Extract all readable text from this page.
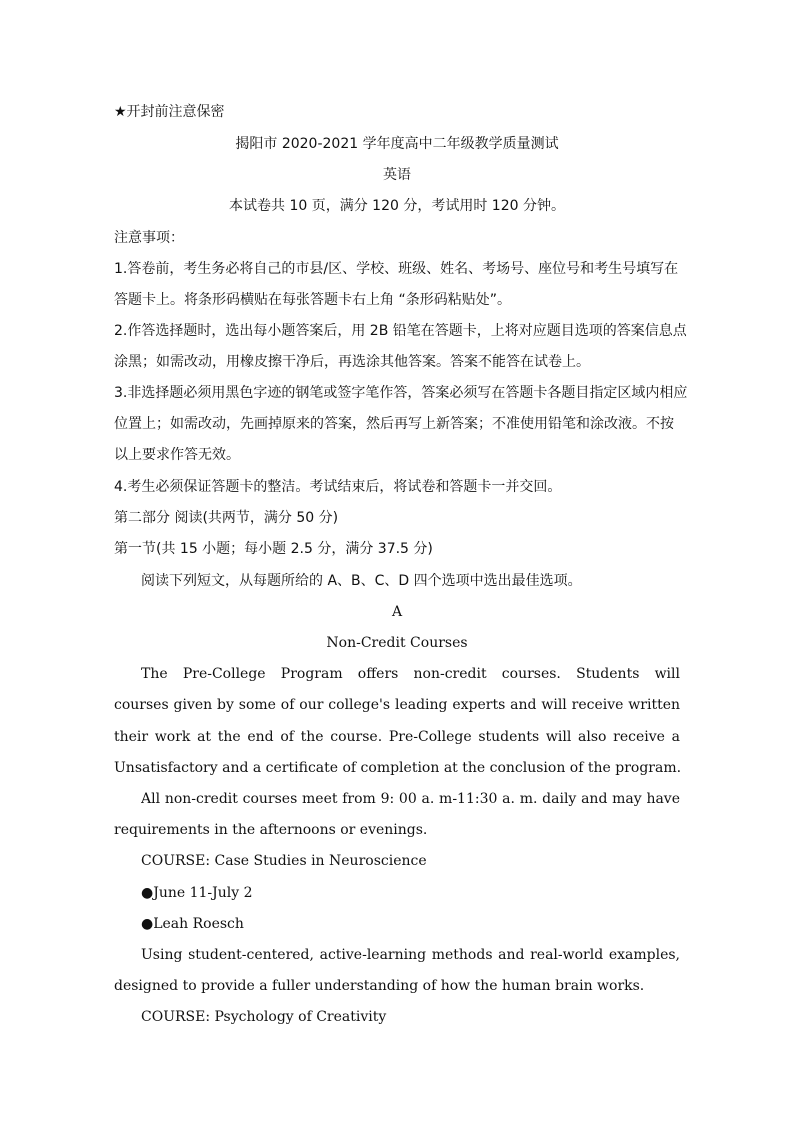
★开封前注意保密
揭阳市 2020-2021 学年度高中二年级教学质量测试
英语
本试卷共 10 页，满分 120 分，考试用时 120 分钟。
注意事项：
1.答卷前，考生务必将自己的市县/区、学校、班级、姓名、考场号、座位号和考生号填写在
答题卡上。将条形码横贴在每张答题卡右上角 “条形码粘贴处”。
2.作答选择题时，选出每小题答案后，用 2B 铅笔在答题卡，上将对应题目选项的答案信息点
涂黑；如需改动，用橡皮擦干净后，再选涂其他答案。答案不能答在试卷上。
3.非选择题必须用黑色字迹的钢笔或签字笔作答，答案必须写在答题卡各题目指定区域内相应
位置上；如需改动，先画掉原来的答案，然后再写上新答案；不准使用铅笔和涂改液。不按
以上要求作答无效。
4.考生必须保证答题卡的整洁。考试结束后，将试卷和答题卡一并交回。
第二部分 阅读(共两节，满分 50 分)
第一节(共 15 小题；每小题 2.5 分，满分 37.5 分)
阅读下列短文，从每题所给的 A、B、C、D 四个选项中选出最佳选项。
A
Non-Credit Courses
The Pre-College Program offers non-credit courses. Students will
courses given by some of our college's leading experts and will receive written
their work at the end of the course. Pre-College students will also receive a
Unsatisfactory and a certificate of completion at the conclusion of the program.
All non-credit courses meet from 9: 00 a. m-11:30 a. m. daily and may have
requirements in the afternoons or evenings.
COURSE: Case Studies in Neuroscience
●June 11-July 2
●Leah Roesch
Using student-centered, active-learning methods and real-world examples,
designed to provide a fuller understanding of how the human brain works.
COURSE: Psychology of Creativity
